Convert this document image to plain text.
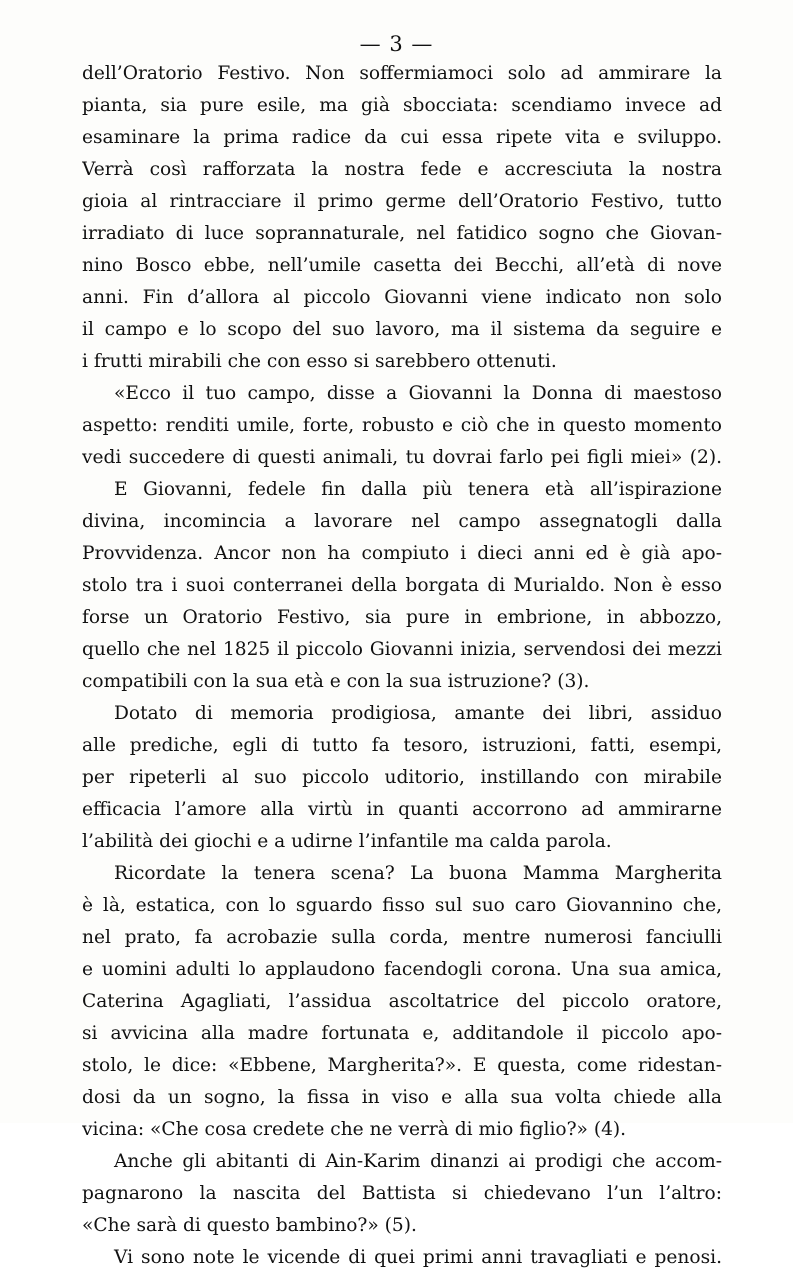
— 3 —
dell’Oratorio Festivo. Non soffermiamoci solo ad ammirare la
pianta, sia pure esile, ma già sbocciata: scendiamo invece ad
esaminare la prima radice da cui essa ripete vita e sviluppo.
Verrà così rafforzata la nostra fede e accresciuta la nostra
gioia al rintracciare il primo germe dell’Oratorio Festivo, tutto
irradiato di luce soprannaturale, nel fatidico sogno che Giovan-
nino Bosco ebbe, nell’umile casetta dei Becchi, all’età di nove
anni. Fin d’allora al piccolo Giovanni viene indicato non solo
il campo e lo scopo del suo lavoro, ma il sistema da seguire e
i frutti mirabili che con esso si sarebbero ottenuti.
«Ecco il tuo campo, disse a Giovanni la Donna di maestoso
aspetto: renditi umile, forte, robusto e ciò che in questo momento
vedi succedere di questi animali, tu dovrai farlo pei figli miei» (2).
E Giovanni, fedele fin dalla più tenera età all’ispirazione
divina, incomincia a lavorare nel campo assegnatogli dalla
Provvidenza. Ancor non ha compiuto i dieci anni ed è già apo-
stolo tra i suoi conterranei della borgata di Murialdo. Non è esso
forse un Oratorio Festivo, sia pure in embrione, in abbozzo,
quello che nel 1825 il piccolo Giovanni inizia, servendosi dei mezzi
compatibili con la sua età e con la sua istruzione? (3).
Dotato di memoria prodigiosa, amante dei libri, assiduo
alle prediche, egli di tutto fa tesoro, istruzioni, fatti, esempi,
per ripeterli al suo piccolo uditorio, instillando con mirabile
efficacia l’amore alla virtù in quanti accorrono ad ammirarne
l’abilità dei giochi e a udirne l’infantile ma calda parola.
Ricordate la tenera scena? La buona Mamma Margherita
è là, estatica, con lo sguardo fisso sul suo caro Giovannino che,
nel prato, fa acrobazie sulla corda, mentre numerosi fanciulli
e uomini adulti lo applaudono facendogli corona. Una sua amica,
Caterina Agagliati, l’assidua ascoltatrice del piccolo oratore,
si avvicina alla madre fortunata e, additandole il piccolo apo-
stolo, le dice: «Ebbene, Margherita?». E questa, come ridestan-
dosi da un sogno, la fissa in viso e alla sua volta chiede alla
vicina: «Che cosa credete che ne verrà di mio figlio?» (4).
Anche gli abitanti di Ain-Karim dinanzi ai prodigi che accom-
pagnarono la nascita del Battista si chiedevano l’un l’altro:
«Che sarà di questo bambino?» (5).
Vi sono note le vicende di quei primi anni travagliati e penosi.
